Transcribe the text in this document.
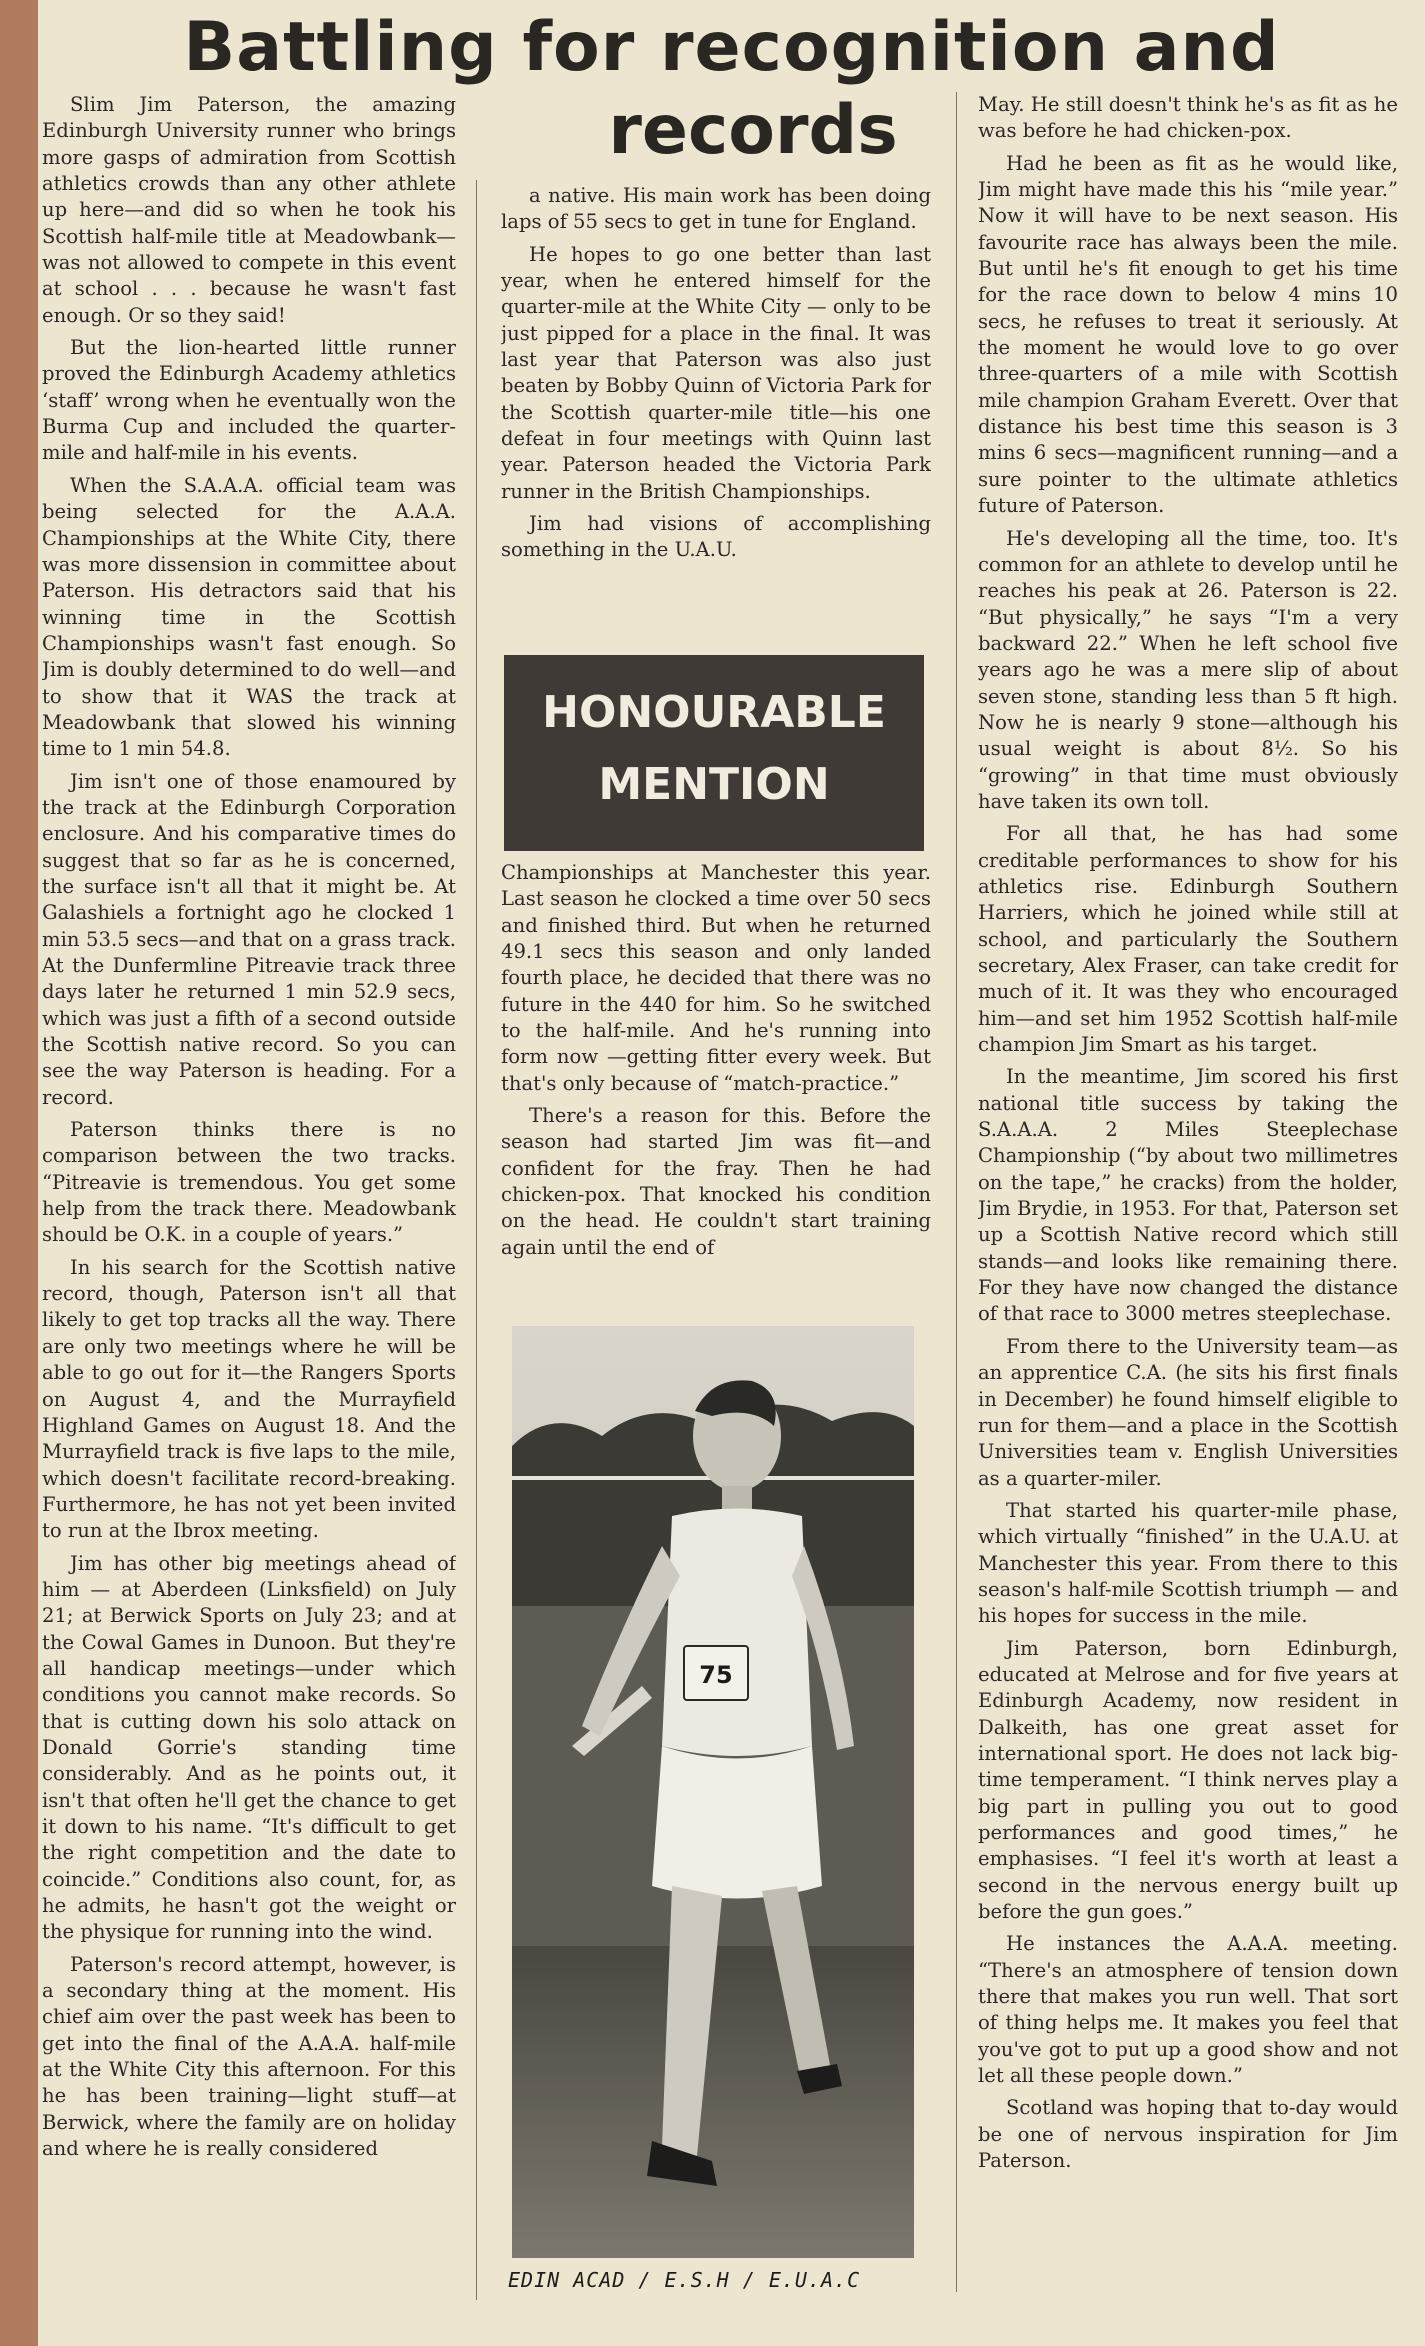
Battling for recognition and
records

Slim Jim Paterson, the amazing Edinburgh University runner who brings more gasps of admiration from Scottish athletics crowds than any other athlete up here—and did so when he took his Scottish half-mile title at Meadowbank—was not allowed to compete in this event at school . . . because he wasn't fast enough. Or so they said!

But the lion-hearted little runner proved the Edinburgh Academy athletics ‘staff’ wrong when he eventually won the Burma Cup and included the quarter-mile and half-mile in his events.

When the S.A.A.A. official team was being selected for the A.A.A. Championships at the White City, there was more dissension in committee about Paterson. His detractors said that his winning time in the Scottish Championships wasn't fast enough. So Jim is doubly determined to do well—and to show that it WAS the track at Meadowbank that slowed his winning time to 1 min 54.8.

Jim isn't one of those enamoured by the track at the Edinburgh Corporation enclosure. And his comparative times do suggest that so far as he is concerned, the surface isn't all that it might be. At Galashiels a fortnight ago he clocked 1 min 53.5 secs—and that on a grass track. At the Dunfermline Pitreavie track three days later he returned 1 min 52.9 secs, which was just a fifth of a second outside the Scottish native record. So you can see the way Paterson is heading. For a record.

Paterson thinks there is no comparison between the two tracks. “Pitreavie is tremendous. You get some help from the track there. Meadowbank should be O.K. in a couple of years.”

In his search for the Scottish native record, though, Paterson isn't all that likely to get top tracks all the way. There are only two meetings where he will be able to go out for it—the Rangers Sports on August 4, and the Murrayfield Highland Games on August 18. And the Murrayfield track is five laps to the mile, which doesn't facilitate record-breaking. Furthermore, he has not yet been invited to run at the Ibrox meeting.

Jim has other big meetings ahead of him — at Aberdeen (Linksfield) on July 21; at Berwick Sports on July 23; and at the Cowal Games in Dunoon. But they're all handicap meetings—under which conditions you cannot make records. So that is cutting down his solo attack on Donald Gorrie's standing time considerably. And as he points out, it isn't that often he'll get the chance to get it down to his name. “It's difficult to get the right competition and the date to coincide.” Conditions also count, for, as he admits, he hasn't got the weight or the physique for running into the wind.

Paterson's record attempt, however, is a secondary thing at the moment. His chief aim over the past week has been to get into the final of the A.A.A. half-mile at the White City this afternoon. For this he has been training—light stuff—at Berwick, where the family are on holiday and where he is really considered

a native. His main work has been doing laps of 55 secs to get in tune for England.

He hopes to go one better than last year, when he entered himself for the quarter-mile at the White City — only to be just pipped for a place in the final. It was last year that Paterson was also just beaten by Bobby Quinn of Victoria Park for the Scottish quarter-mile title—his one defeat in four meetings with Quinn last year. Paterson headed the Victoria Park runner in the British Championships.

Jim had visions of accomplishing something in the U.A.U.

HONOURABLE
MENTION

Championships at Manchester this year. Last season he clocked a time over 50 secs and finished third. But when he returned 49.1 secs this season and only landed fourth place, he decided that there was no future in the 440 for him. So he switched to the half-mile. And he's running into form now —getting fitter every week. But that's only because of “match-practice.”

There's a reason for this. Before the season had started Jim was fit—and confident for the fray. Then he had chicken-pox. That knocked his condition on the head. He couldn't start training again until the end of

75
EDIN ACAD / E.S.H / E.U.A.C

May. He still doesn't think he's as fit as he was before he had chicken-pox.

Had he been as fit as he would like, Jim might have made this his “mile year.” Now it will have to be next season. His favourite race has always been the mile. But until he's fit enough to get his time for the race down to below 4 mins 10 secs, he refuses to treat it seriously. At the moment he would love to go over three-quarters of a mile with Scottish mile champion Graham Everett. Over that distance his best time this season is 3 mins 6 secs—magnificent running—and a sure pointer to the ultimate athletics future of Paterson.

He's developing all the time, too. It's common for an athlete to develop until he reaches his peak at 26. Paterson is 22. “But physically,” he says “I'm a very backward 22.” When he left school five years ago he was a mere slip of about seven stone, standing less than 5 ft high. Now he is nearly 9 stone—although his usual weight is about 8½. So his “growing” in that time must obviously have taken its own toll.

For all that, he has had some creditable performances to show for his athletics rise. Edinburgh Southern Harriers, which he joined while still at school, and particularly the Southern secretary, Alex Fraser, can take credit for much of it. It was they who encouraged him—and set him 1952 Scottish half-mile champion Jim Smart as his target.

In the meantime, Jim scored his first national title success by taking the S.A.A.A. 2 Miles Steeplechase Championship (“by about two millimetres on the tape,” he cracks) from the holder, Jim Brydie, in 1953. For that, Paterson set up a Scottish Native record which still stands—and looks like remaining there. For they have now changed the distance of that race to 3000 metres steeplechase.

From there to the University team—as an apprentice C.A. (he sits his first finals in December) he found himself eligible to run for them—and a place in the Scottish Universities team v. English Universities as a quarter-miler.

That started his quarter-mile phase, which virtually “finished” in the U.A.U. at Manchester this year. From there to this season's half-mile Scottish triumph — and his hopes for success in the mile.

Jim Paterson, born Edinburgh, educated at Melrose and for five years at Edinburgh Academy, now resident in Dalkeith, has one great asset for international sport. He does not lack big-time temperament. “I think nerves play a big part in pulling you out to good performances and good times,” he emphasises. “I feel it's worth at least a second in the nervous energy built up before the gun goes.”

He instances the A.A.A. meeting. “There's an atmosphere of tension down there that makes you run well. That sort of thing helps me. It makes you feel that you've got to put up a good show and not let all these people down.”

Scotland was hoping that to-day would be one of nervous inspiration for Jim Paterson.
